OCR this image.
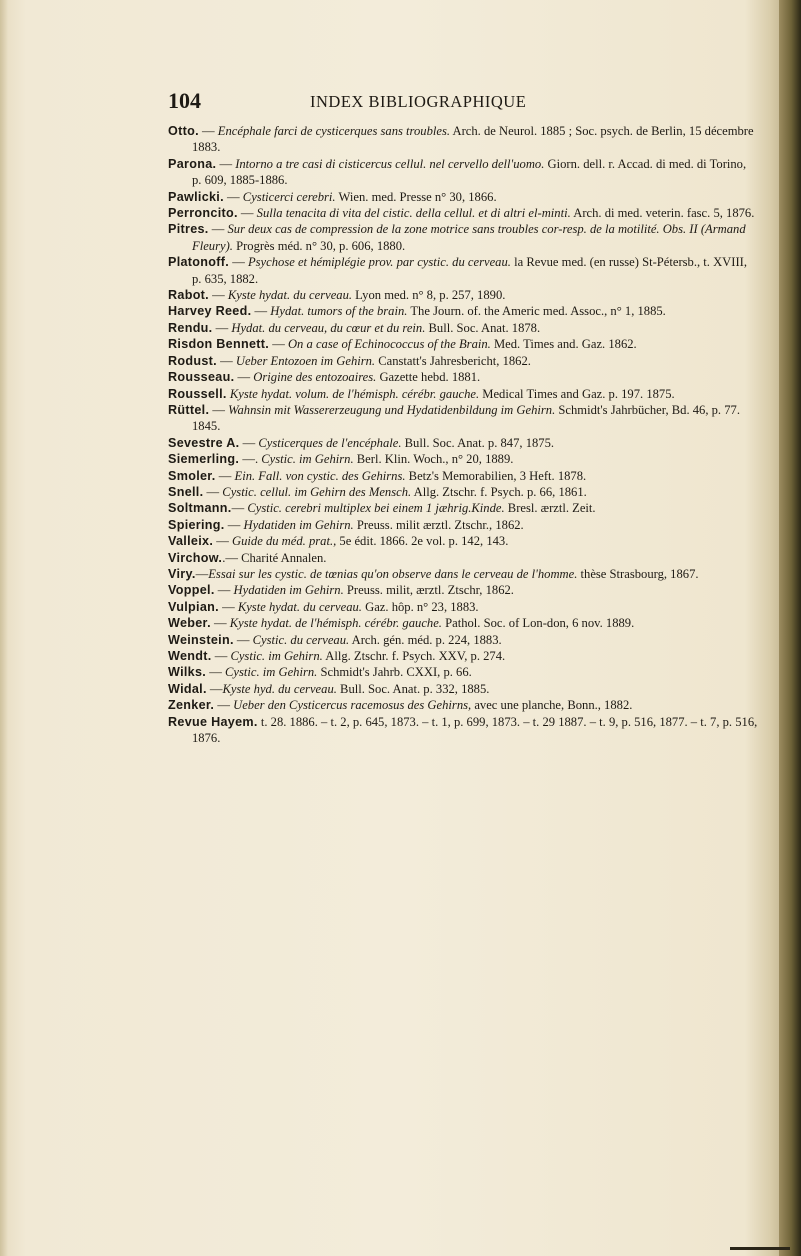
104	INDEX BIBLIOGRAPHIQUE

Otto. — Encéphale farci de cysticerques sans troubles. Arch. de Neurol. 1885 ; Soc. psych. de Berlin, 15 décembre 1883.

Parona. — Intorno a tre casi di cisticercus cellul. nel cervello dell'uomo. Giorn. dell. r. Accad. di med. di Torino, p. 609, 1885-1886.

Pawlicki. — Cysticerci cerebri. Wien. med. Presse n° 30, 1866.

Perroncito. — Sulla tenacita di vita del cistic. della cellul. et di altri el-minti. Arch. di med. veterin. fasc. 5, 1876.

Pitres. — Sur deux cas de compression de la zone motrice sans troubles cor-resp. de la motilité. Obs. II (Armand Fleury). Progrès méd. n° 30, p. 606, 1880.

Platonoff. — Psychose et hémiplégie prov. par cystic. du cerveau. la Revue med. (en russe) St-Pétersb., t. XVIII, p. 635, 1882.

Rabot. — Kyste hydat. du cerveau. Lyon med. n° 8, p. 257, 1890.

Harvey Reed. — Hydat. tumors of the brain. The Journ. of. the Americ med. Assoc., n° 1, 1885.

Rendu. — Hydat. du cerveau, du cœur et du rein. Bull. Soc. Anat. 1878.

Risdon Bennett. — On a case of Echinococcus of the Brain. Med. Times and. Gaz. 1862.

Rodust. — Ueber Entozoen im Gehirn. Canstatt's Jahresbericht, 1862.

Rousseau. — Origine des entozoaires. Gazette hebd. 1881.

Roussell. Kyste hydat. volum. de l'hémisph. cérébr. gauche. Medical Times and Gaz. p. 197. 1875.

Rüttel. — Wahnsin mit Wassererzeugung und Hydatidenbildung im Gehirn. Schmidt's Jahrbücher, Bd. 46, p. 77. 1845.

Sevestre A. — Cysticerques de l'encéphale. Bull. Soc. Anat. p. 847, 1875.

Siemerling. —. Cystic. im Gehirn. Berl. Klin. Woch., n° 20, 1889.

Smoler. — Ein. Fall. von cystic. des Gehirns. Betz's Memorabilien, 3 Heft. 1878.

Snell. — Cystic. cellul. im Gehirn des Mensch. Allg. Ztschr. f. Psych. p. 66, 1861.

Soltmann.— Cystic. cerebri multiplex bei einem 1 jæhrig.Kinde. Bresl. ærztl. Zeit.

Spiering. — Hydatiden im Gehirn. Preuss. milit ærztl. Ztschr., 1862.

Valleix. — Guide du méd. prat., 5e édit. 1866. 2e vol. p. 142, 143.

Virchow..— Charité Annalen.

Viry.—Essai sur les cystic. de tœnias qu'on observe dans le cerveau de l'homme. thèse Strasbourg, 1867.

Voppel. — Hydatiden im Gehirn. Preuss. milit, ærztl. Ztschr, 1862.

Vulpian. — Kyste hydat. du cerveau. Gaz. hôp. n° 23, 1883.

Weber. — Kyste hydat. de l'hémisph. cérébr. gauche. Pathol. Soc. of Lon-don, 6 nov. 1889.

Weinstein. — Cystic. du cerveau. Arch. gén. méd. p. 224, 1883.

Wendt. — Cystic. im Gehirn. Allg. Ztschr. f. Psych. XXV, p. 274.

Wilks. — Cystic. im Gehirn. Schmidt's Jahrb. CXXI, p. 66.

Widal. —Kyste hyd. du cerveau. Bull. Soc. Anat. p. 332, 1885.

Zenker. — Ueber den Cysticercus racemosus des Gehirns, avec une planche, Bonn., 1882.

Revue Hayem. t. 28. 1886. – t. 2, p. 645, 1873. – t. 1, p. 699, 1873. – t. 29 1887. – t. 9, p. 516, 1877. – t. 7, p. 516, 1876.
